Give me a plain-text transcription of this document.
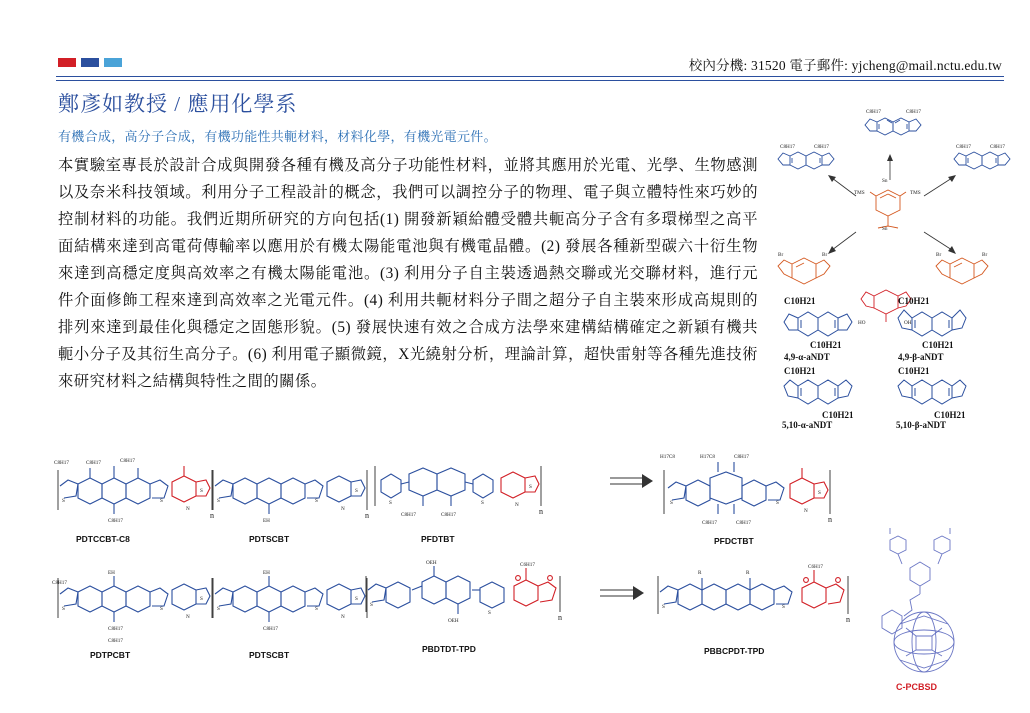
校內分機: 31520 電子郵件: yjcheng@mail.nctu.edu.tw
鄭彥如教授 / 應用化學系
有機合成，高分子合成，有機功能性共軛材料，材料化學，有機光電元件。
本實驗室專長於設計合成與開發各種有機及高分子功能性材料，並將其應用於光電、光學、生物感測以及奈米科技領域。利用分子工程設計的概念，我們可以調控分子的物理、電子與立體特性來巧妙的控制材料的功能。我們近期所研究的方向包括(1) 開發新穎給體受體共軛高分子含有多環梯型之高平面結構來達到高電荷傳輸率以應用於有機太陽能電池與有機電晶體。(2) 發展各種新型碳六十衍生物來達到高穩定度與高效率之有機太陽能電池。(3) 利用分子自主裝透過熱交聯或光交聯材料，進行元件介面修飾工程來達到高效率之光電元件。(4) 利用共軛材料分子間之超分子自主裝來形成高規則的排列來達到最佳化與穩定之固態形貌。(5) 發展快速有效之合成方法學來建構結構確定之新穎有機共軛小分子及其衍生高分子。(6) 利用電子顯微鏡，X光繞射分析，理論計算，超快雷射等各種先進技術來研究材料之結構與特性之間的關係。
C8H17	C8H17
C8H17	C8H17	C8H17	C8H17
TMS	TMS
Sn
Sn
Br	Br	Br	Br
HO	OH
C10H21
C10H21
C10H21
C10H21
C10H21
C10H21
C10H21
C10H21
4,9-α-aNDT	4,9-β-aNDT
5,10-α-aNDT	5,10-β-aNDT
C8H17
C8H17	C8H17	C8H17
S	S
S
N
n
PDTCCBT-C8
EH
S	S
S
N
n
PDTSCBT
S	S
C8H17	C8H17
S
N
n
PFDTBT
S	S
H17C8	H17C8	C8H17
C8H17	C8H17
S
N
n
PFDCTBT
EH
C8H17
S	S
C8H17
S
N
C8H17
PDTPCBT
EH
C8H17
S	S
S
N
PDTSCBT
S
OEH
OEH
S
C6H17
n
PBDTDT-TPD
R	R
S	S
C6H17
n
PBBCPDT-TPD
C-PCBSD
